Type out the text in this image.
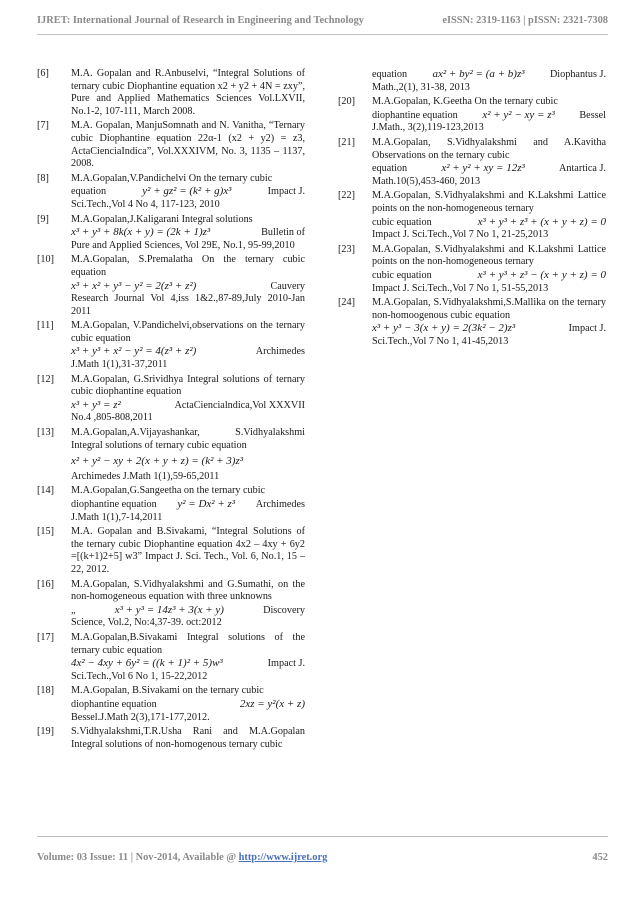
IJRET: International Journal of Research in Engineering and Technology	eISSN: 2319-1163 | pISSN: 2321-7308
[6]	M.A. Gopalan and R.Anbuselvi, “Integral Solutions of ternary cubic Diophantine equation x2 + y2 + 4N = zxy”, Pure and Applied Mathematics Sciences Vol.LXVII, No.1-2, 107-111, March 2008.
[7]	M.A. Gopalan, ManjuSomnath and N. Vanitha, “Ternary cubic Diophantine equation 22α-1 (x2 + y2) = z3, ActaCienciaIndica”, Vol.XXXIVM, No. 3, 1135 – 1137, 2008.
[8]	M.A.Gopalan,V.Pandichelvi On the ternary cubic
equation	y² + gz² = (k² + g)x³	Impact J.
Sci.Tech.,Vol 4 No 4, 117-123, 2010
[9]	M.A.Gopalan,J.Kaligarani Integral solutions
x³ + y³ + 8k(x + y) = (2k + 1)z³	Bulletin of
Pure and Applied Sciences, Vol 29E, No.1, 95-99,2010
[10]	M.A.Gopalan, S.Premalatha On the ternary cubic equation
x³ + x² + y³ − y² = 2(z³ + z²)	Cauvery
Research Journal Vol 4,iss 1&2.,87-89,July 2010-Jan 2011
[11]	M.A.Gopalan, V.Pandichelvi,observations on the ternary cubic equation
x³ + y³ + x² − y² = 4(z³ + z²)	Archimedes
J.Math 1(1),31-37,2011
[12]	M.A.Gopalan, G.Srividhya Integral solutions of ternary cubic diophantine equation
x³ + y³ = z²	ActaCiencialndica,Vol XXXVII
No.4 ,805-808,2011
[13]	M.A.Gopalan,A.Vijayashankar, S.Vidhyalakshmi Integral solutions of ternary cubic equation
x² + y² − xy + 2(x + y + z) = (k² + 3)z³
Archimedes J.Math 1(1),59-65,2011
[14]	M.A.Gopalan,G.Sangeetha on the ternary cubic
diophantine equation y² = Dx² + z³ Archimedes
J.Math 1(1),7-14,2011
[15]	M.A. Gopalan and B.Sivakami, “Integral Solutions of the ternary cubic Diophantine equation 4x2 – 4xy + 6y2 =[(k+1)2+5] w3” Impact J. Sci. Tech., Vol. 6, No.1, 15 – 22, 2012.
[16]	M.A.Gopalan, S.Vidhyalakshmi and G.Sumathi, on the non-homogeneous equation with three unknowns
„	x³ + y³ = 14z³ + 3(x + y)	Discovery
Science, Vol.2, No:4,37-39. oct:2012
[17]	M.A.Gopalan,B.Sivakami Integral solutions of the ternary cubic equation
4x² − 4xy + 6y² = ((k + 1)² + 5)w³	Impact J.
Sci.Tech.,Vol 6 No 1, 15-22,2012
[18]	M.A.Gopalan, B.Sivakami on the ternary cubic
diophantine equation	2xz = y²(x + z)
Bessel.J.Math 2(3),171-177,2012.
[19]	S.Vidhyalakshmi,T.R.Usha Rani and M.A.Gopalan Integral solutions of non-homogenous ternary cubic
equation ax² + by² = (a + b)z³ Diophantus J.
Math.,2(1), 31-38, 2013
[20]	M.A.Gopalan, K.Geetha On the ternary cubic
diophantine equation x² + y² − xy = z³ Bessel
J.Math., 3(2),119-123,2013
[21]	M.A.Gopalan, S.Vidhyalakshmi and A.Kavitha Observations on the ternary cubic
equation	x² + y² + xy = 12z³	Antartica J.
Math.10(5),453-460, 2013
[22]	M.A.Gopalan, S.Vidhyalakshmi and K.Lakshmi Lattice points on the non-homogeneous ternary
cubic equation	x³ + y³ + z³ + (x + y + z) = 0
Impact J. Sci.Tech.,Vol 7 No 1, 21-25,2013
[23]	M.A.Gopalan, S.Vidhyalakshmi and K.Lakshmi Lattice points on the non-homogeneous ternary
cubic equation	x³ + y³ + z³ − (x + y + z) = 0
Impact J. Sci.Tech.,Vol 7 No 1, 51-55,2013
[24]	M.A.Gopalan, S.Vidhyalakshmi,S.Mallika on the ternary non-homoogenous cubic equation
x³ + y³ − 3(x + y) = 2(3k² − 2)z³	Impact J.
Sci.Tech.,Vol 7 No 1, 41-45,2013
Volume: 03 Issue: 11 | Nov-2014, Available @ http://www.ijret.org	452
